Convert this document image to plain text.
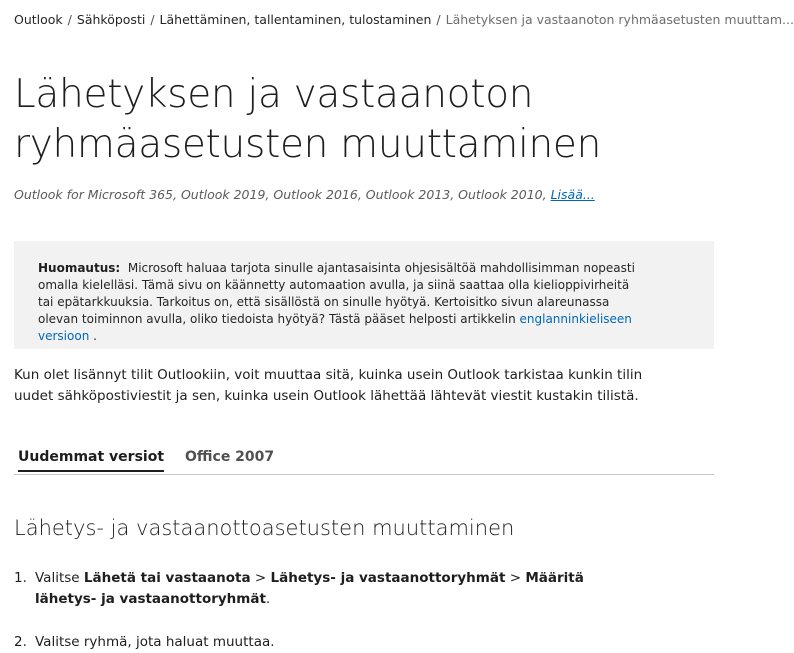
Outlook / Sähköposti / Lähettäminen, tallentaminen, tulostaminen / Lähetyksen ja vastaanoton ryhmäasetusten muuttam...
Lähetyksen ja vastaanoton
ryhmäasetusten muuttaminen
Outlook for Microsoft 365, Outlook 2019, Outlook 2016, Outlook 2013, Outlook 2010, Lisää...
Huomautus: Microsoft haluaa tarjota sinulle ajantasaisinta ohjesisältöä mahdollisimman nopeasti omalla kielelläsi. Tämä sivu on käännetty automaation avulla, ja siinä saattaa olla kielioppivirheitä tai epätarkkuuksia. Tarkoitus on, että sisällöstä on sinulle hyötyä. Kertoisitko sivun alareunassa olevan toiminnon avulla, oliko tiedoista hyötyä? Tästä pääset helposti artikkelin englanninkieliseen versioon .

Kun olet lisännyt tilit Outlookiin, voit muuttaa sitä, kuinka usein Outlook tarkistaa kunkin tilin uudet sähköpostiviestit ja sen, kuinka usein Outlook lähettää lähtevät viestit kustakin tilistä.

Uudemmat versiot Office 2007
Lähetys- ja vastaanottoasetusten muuttaminen
1. Valitse Lähetä tai vastaanota > Lähetys- ja vastaanottoryhmät > Määritä lähetys- ja vastaanottoryhmät.
2. Valitse ryhmä, jota haluat muuttaa.
